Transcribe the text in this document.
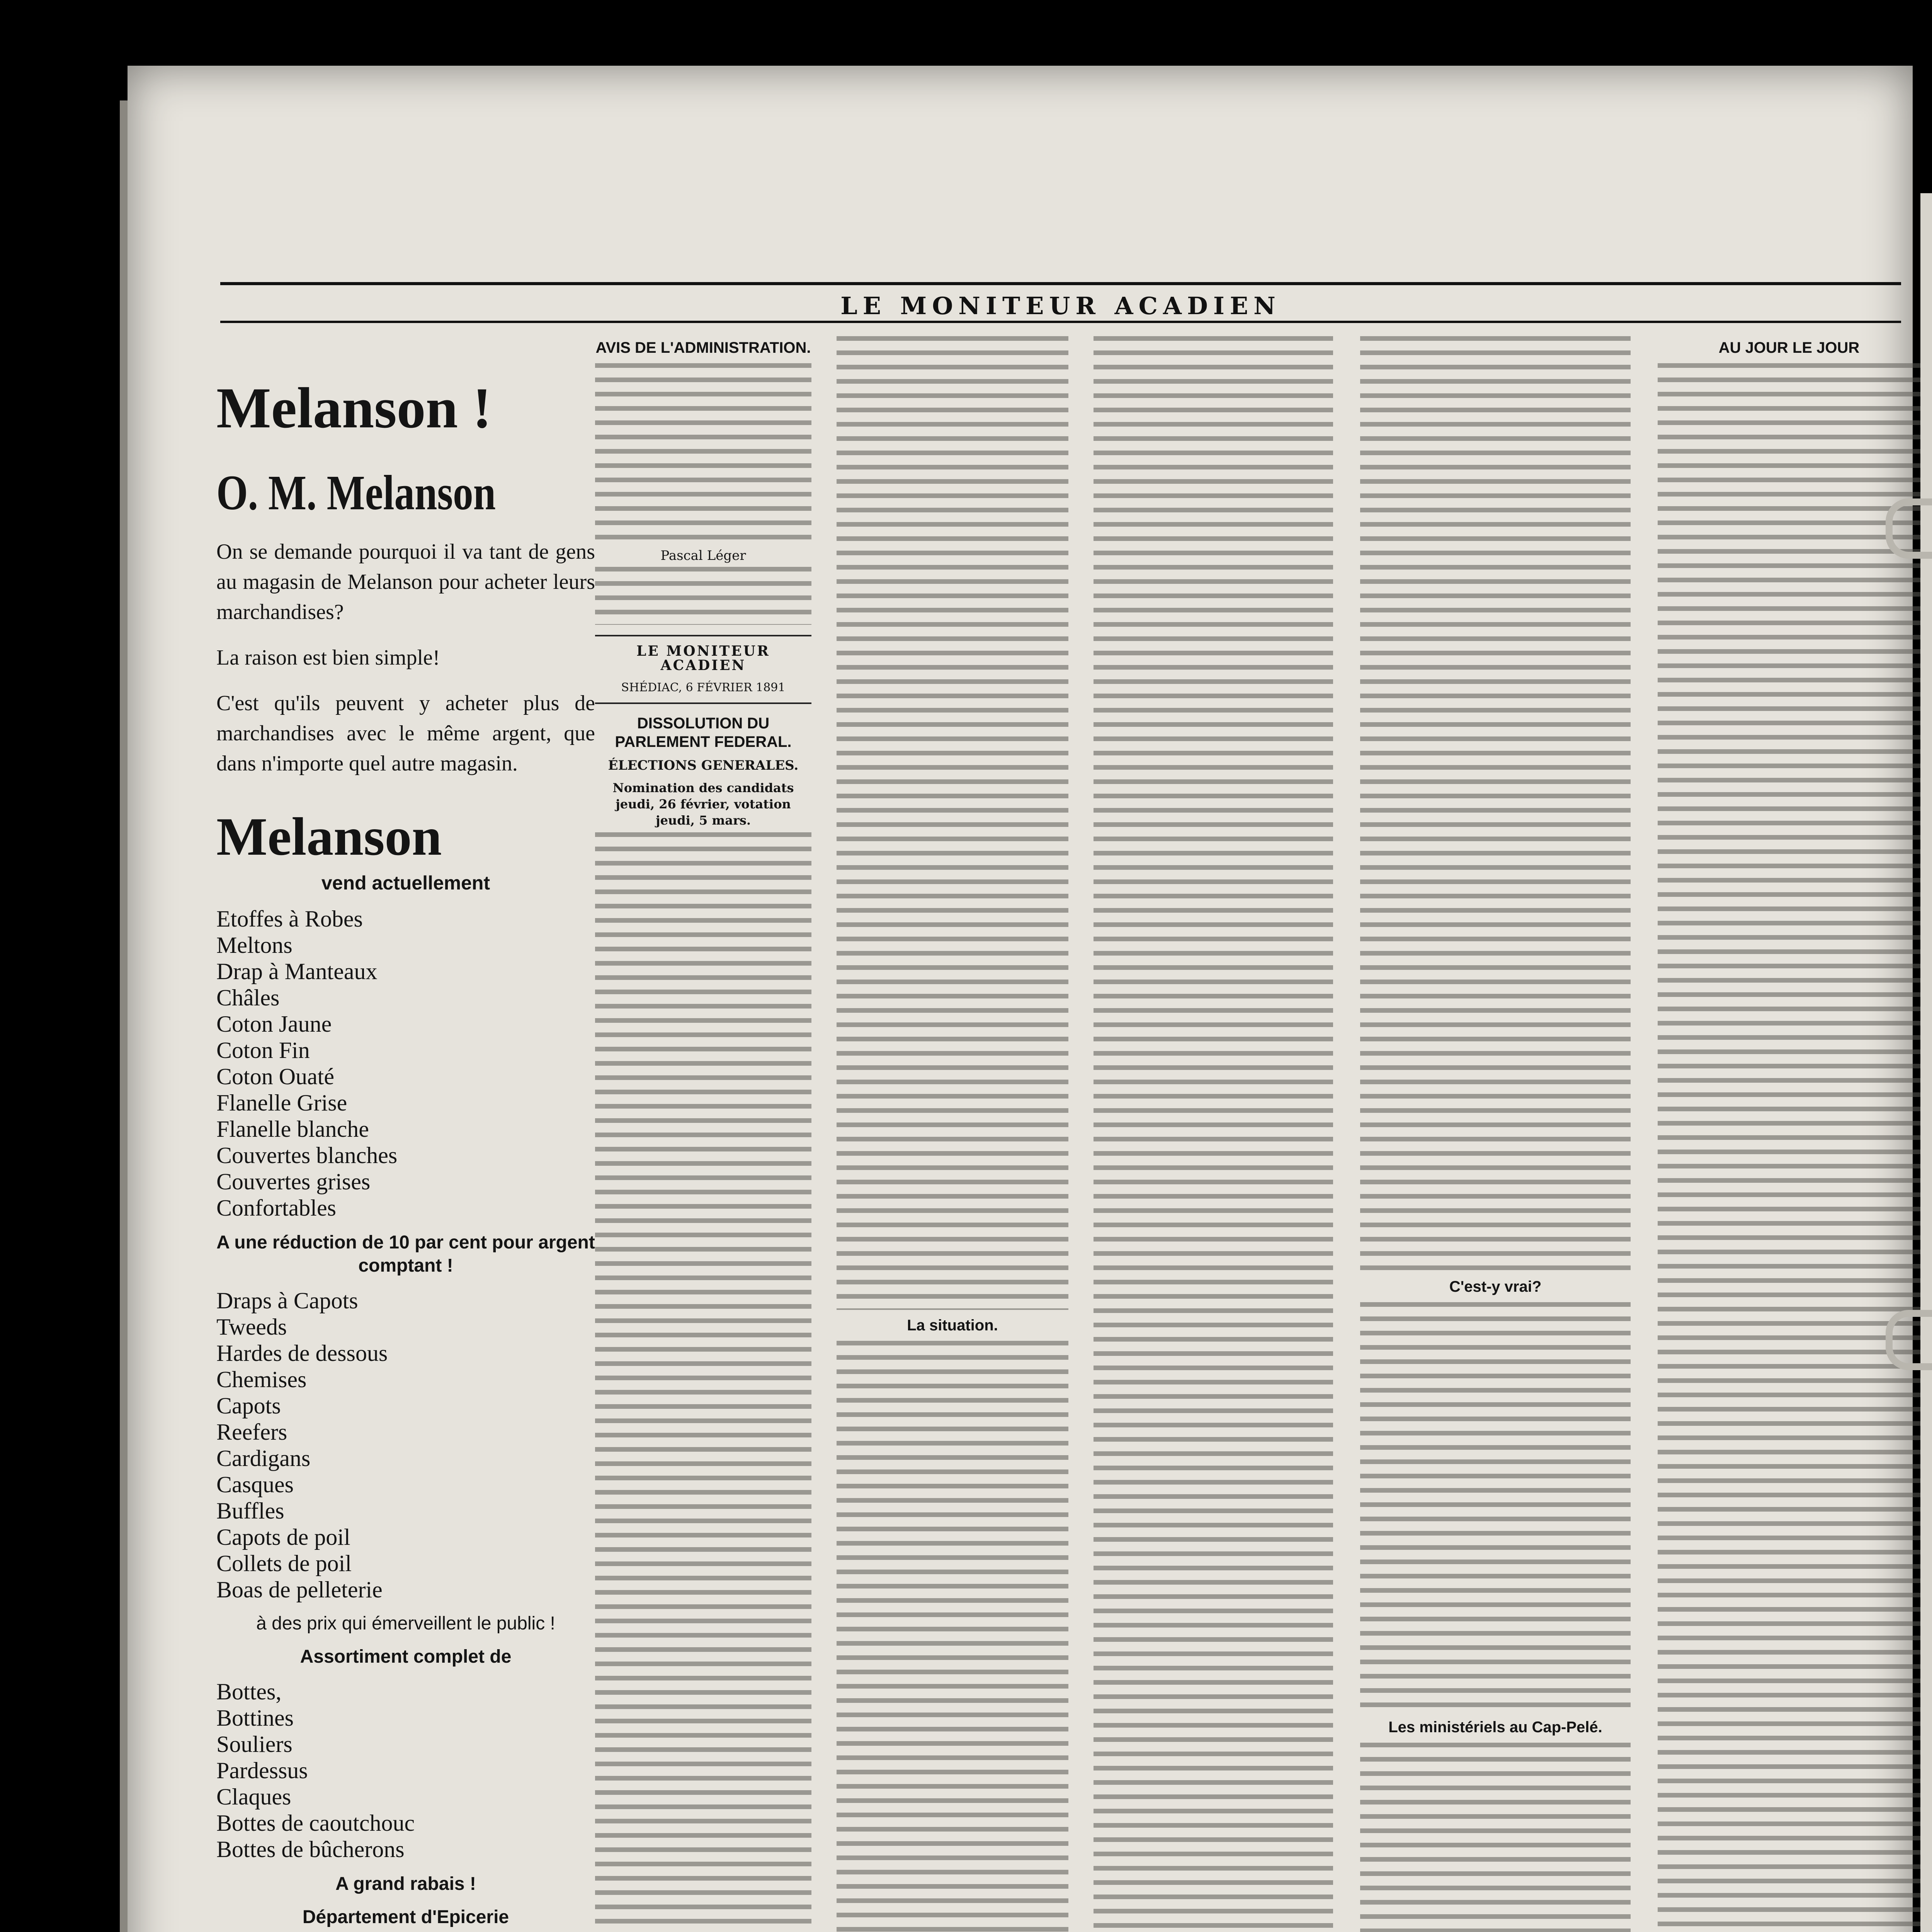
LE MONITEUR ACADIEN
Melanson !
O. M. Melanson

On se demande pourquoi il va tant de gens au magasin de Melanson pour acheter leurs marchandises?

La raison est bien simple!

C'est qu'ils peuvent y acheter plus de marchandises avec le même argent, que dans n'importe quel autre magasin.

Melanson
vend actuellement
Etoffes à Robes
Meltons
Drap à Manteaux
Châles
Coton Jaune
Coton Fin
Coton Ouaté
Flanelle Grise
Flanelle blanche
Couvertes blanches
Couvertes grises
Confortables
A une réduction de 10 par cent pour argent comptant !
Draps à Capots
Tweeds
Hardes de dessous
Chemises
Capots
Reefers
Cardigans
Casques
Buffles
Capots de poil
Collets de poil
Boas de pelleterie
à des prix qui émerveillent le public !
Assortiment complet de
Bottes,
Bottines
Souliers
Pardessus
Claques
Bottes de caoutchouc
Bottes de bûcherons
A grand rabais !
Département d'Epicerie
AVIS DE L'ADMINISTRATION.
Pascal Léger
LE MONITEUR ACADIEN
SHÉDIAC, 6 FÉVRIER 1891
DISSOLUTION DU PARLEMENT FEDERAL.
ÉLECTIONS GENERALES.
Nomination des candidats jeudi, 26 février, votation jeudi, 5 mars.
La situation.
C'est-y vrai?
Les ministériels au Cap-Pelé.
AU JOUR LE JOUR
